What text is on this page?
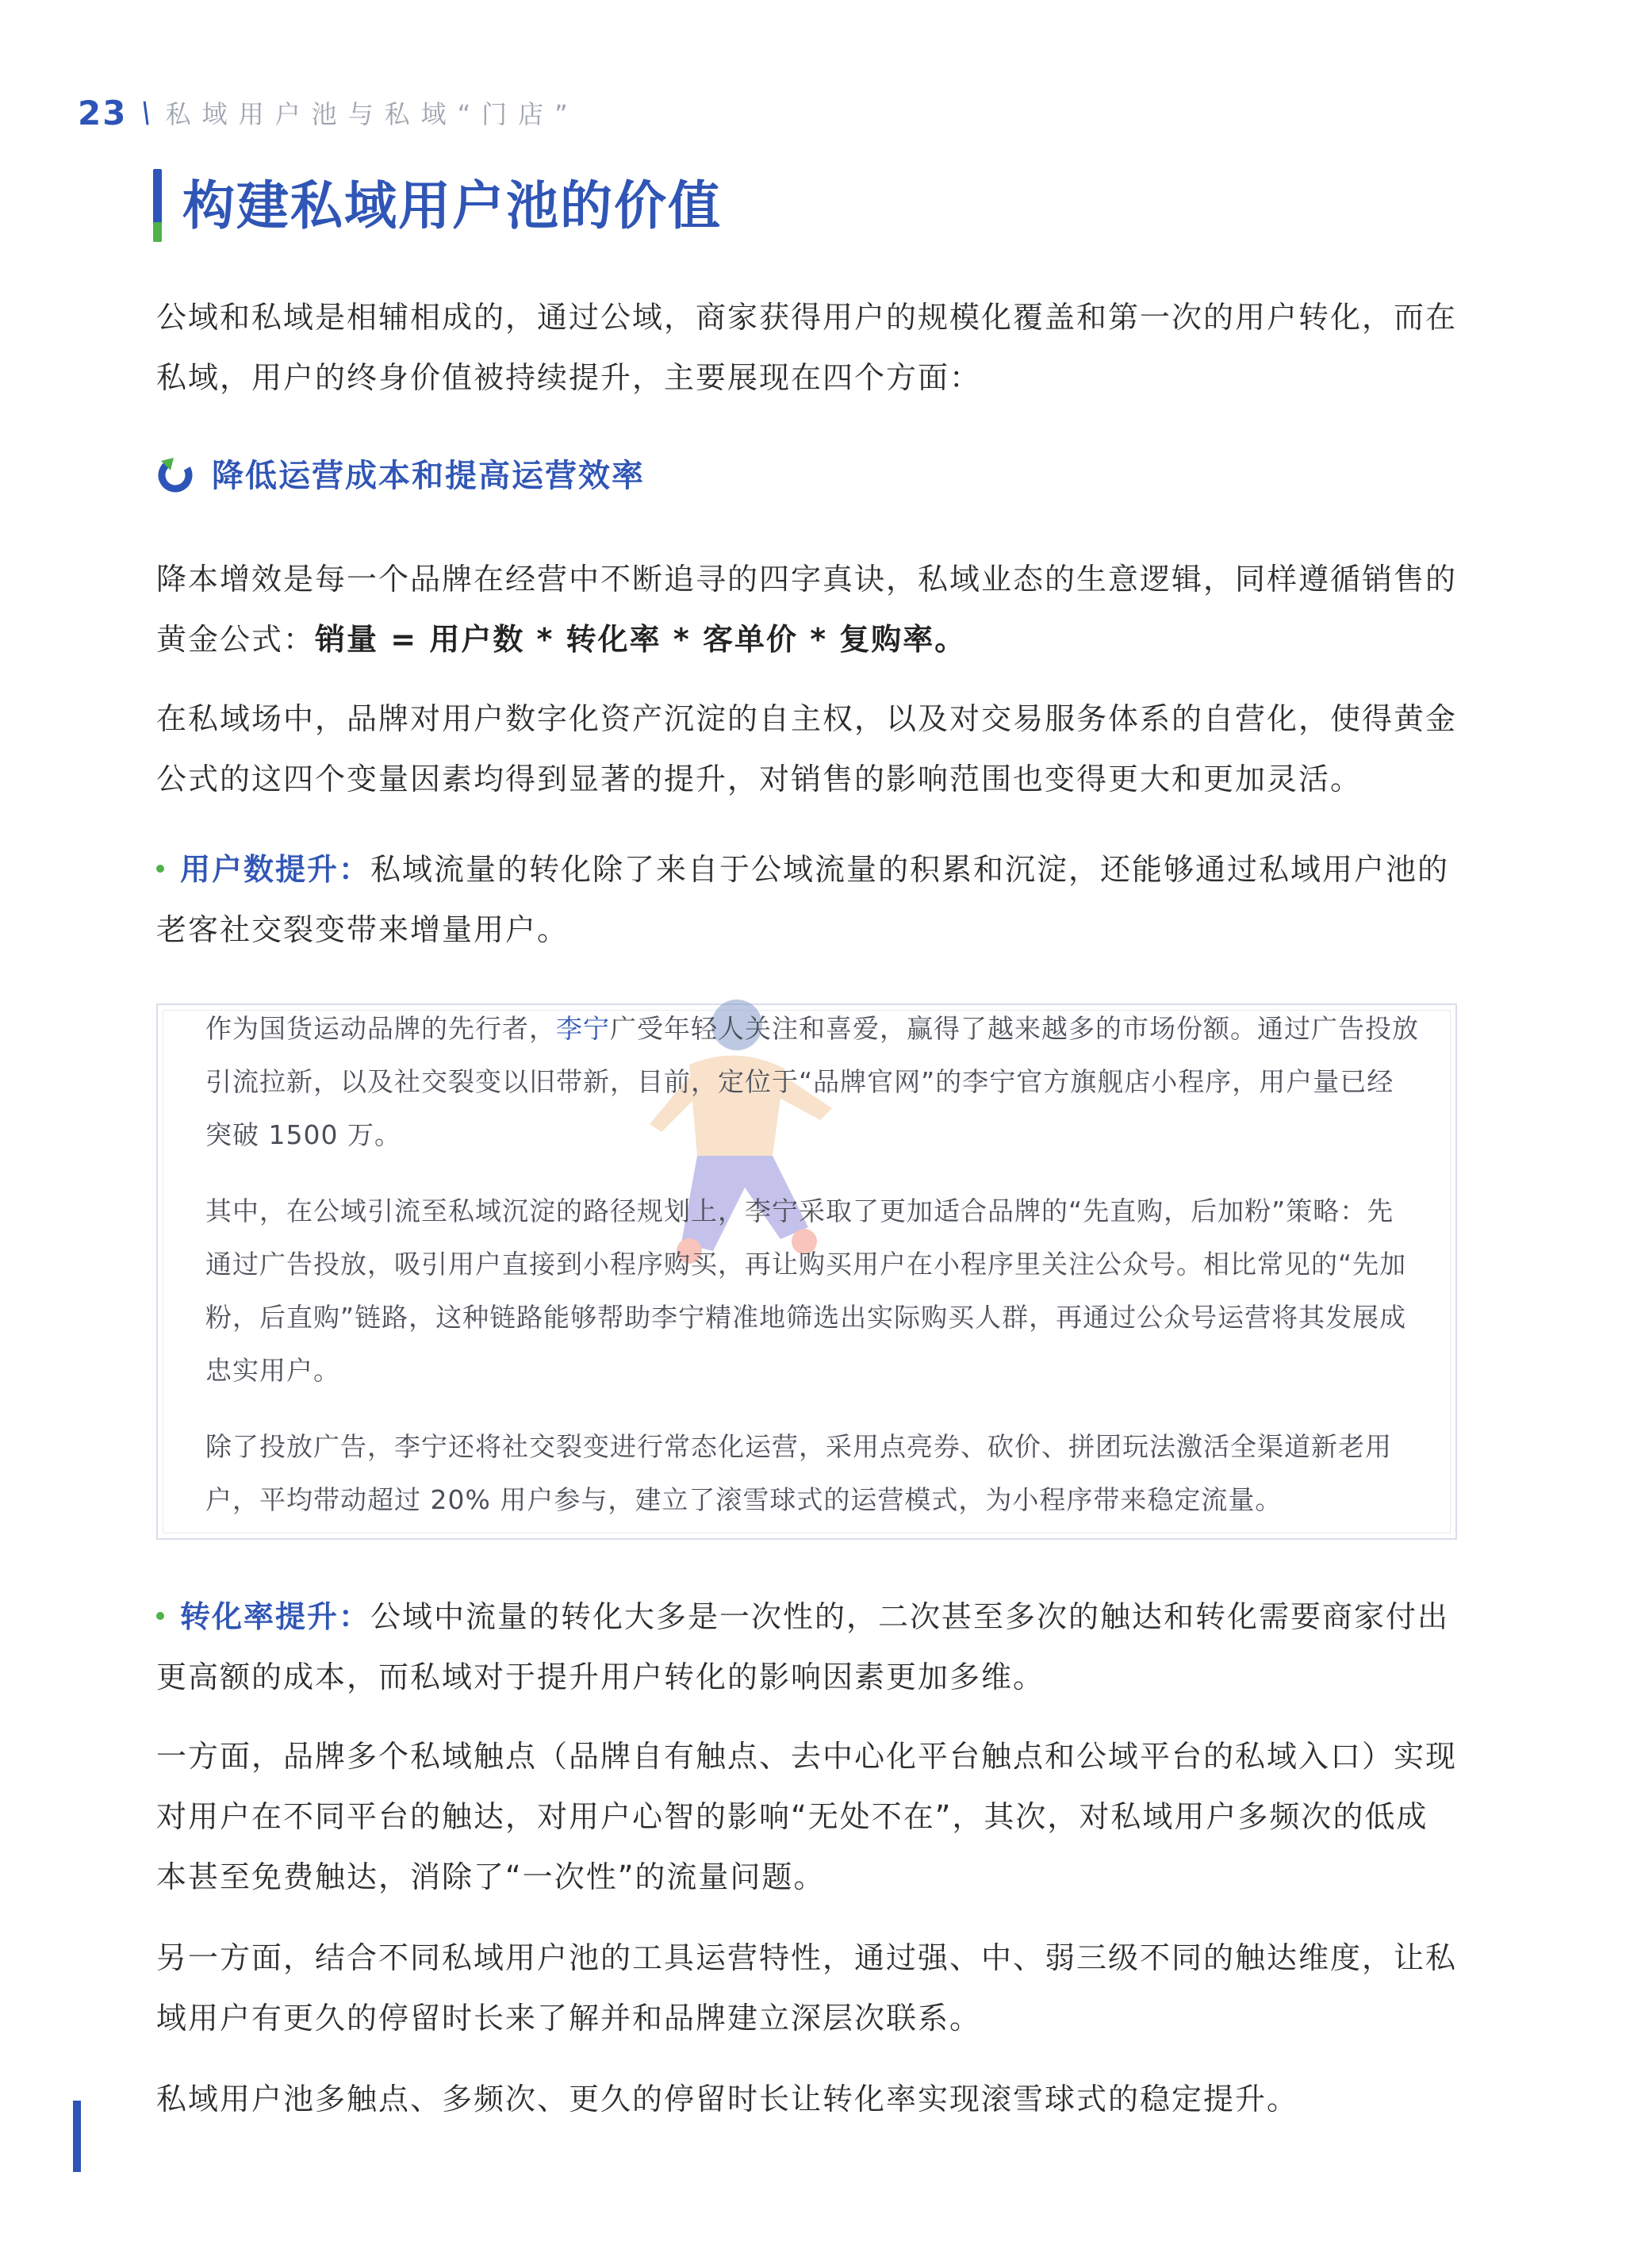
23 \ 私域用户池与私域“门店”
构建私域用户池的价值

公域和私域是相辅相成的，通过公域，商家获得用户的规模化覆盖和第一次的用户转化，而在私域，用户的终身价值被持续提升，主要展现在四个方面：

降低运营成本和提高运营效率

降本增效是每一个品牌在经营中不断追寻的四字真诀，私域业态的生意逻辑，同样遵循销售的黄金公式：销量 = 用户数 * 转化率 * 客单价 * 复购率。

在私域场中，品牌对用户数字化资产沉淀的自主权，以及对交易服务体系的自营化，使得黄金公式的这四个变量因素均得到显著的提升，对销售的影响范围也变得更大和更加灵活。

用户数提升：私域流量的转化除了来自于公域流量的积累和沉淀，还能够通过私域用户池的老客社交裂变带来增量用户。

作为国货运动品牌的先行者，李宁广受年轻人关注和喜爱，赢得了越来越多的市场份额。通过广告投放引流拉新，以及社交裂变以旧带新，目前，定位于“品牌官网”的李宁官方旗舰店小程序，用户量已经突破 1500 万。

其中，在公域引流至私域沉淀的路径规划上，李宁采取了更加适合品牌的“先直购，后加粉”策略：先通过广告投放，吸引用户直接到小程序购买，再让购买用户在小程序里关注公众号。相比常见的“先加粉，后直购”链路，这种链路能够帮助李宁精准地筛选出实际购买人群，再通过公众号运营将其发展成忠实用户。

除了投放广告，李宁还将社交裂变进行常态化运营，采用点亮券、砍价、拼团玩法激活全渠道新老用户，平均带动超过 20% 用户参与，建立了滚雪球式的运营模式，为小程序带来稳定流量。

转化率提升：公域中流量的转化大多是一次性的，二次甚至多次的触达和转化需要商家付出更高额的成本，而私域对于提升用户转化的影响因素更加多维。

一方面，品牌多个私域触点（品牌自有触点、去中心化平台触点和公域平台的私域入口）实现对用户在不同平台的触达，对用户心智的影响“无处不在”，其次，对私域用户多频次的低成本甚至免费触达，消除了“一次性”的流量问题。

另一方面，结合不同私域用户池的工具运营特性，通过强、中、弱三级不同的触达维度，让私域用户有更久的停留时长来了解并和品牌建立深层次联系。

私域用户池多触点、多频次、更久的停留时长让转化率实现滚雪球式的稳定提升。
